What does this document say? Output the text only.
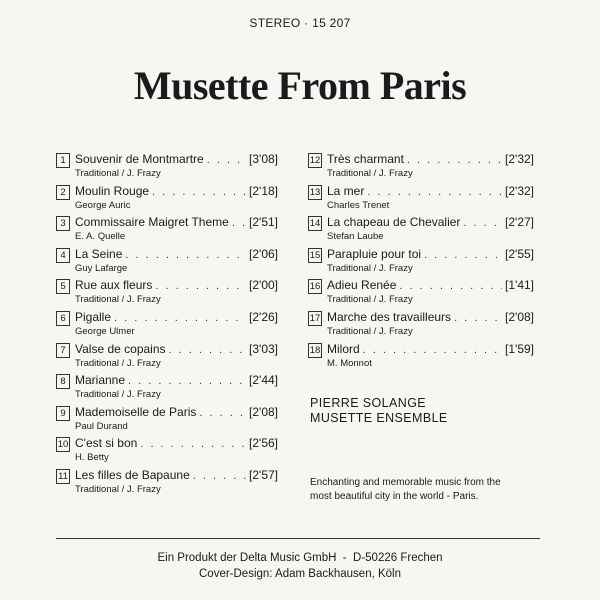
STEREO · 15 207
Musette From Paris
1 Souvenir de Montmartre . . .	[3'08]
Traditional / J. Frazy
2 Moulin Rouge . . .	[2'18]
George Auric
3 Commissaire Maigret Theme . . . [2'51]
E. A. Quelle
4 La Seine . . .	[2'06]
Guy Lafarge
5 Rue aux fleurs . . .	[2'00]
Traditional / J. Frazy
6 Pigalle . . .	[2'26]
George Ulmer
7 Valse de copains . . .	[3'03]
Traditional / J. Frazy
8 Marianne . . .	[2'44]
Traditional / J. Frazy
9 Mademoiselle de Paris . . .	[2'08]
Paul Durand
10 C'est si bon . . .	[2'56]
H. Betty
11 Les filles de Bapaune . . .	[2'57]
Traditional / J. Frazy
12 Très charmant . . .	[2'32]
Traditional / J. Frazy
13 La mer . . .	[2'32]
Charles Trenet
14 La chapeau de Chevalier . . .	[2'27]
Stefan Laube
15 Parapluie pour toi . . .	[2'55]
Traditional / J. Frazy
16 Adieu Renée . . .	[1'41]
Traditional / J. Frazy
17 Marche des travailleurs . . .	[2'08]
Traditional / J. Frazy
18 Milord . . .	[1'59]
M. Monnot
PIERRE SOLANGE
MUSETTE ENSEMBLE
Enchanting and memorable music from the
most beautiful city in the world - Paris.
Ein Produkt der Delta Music GmbH  -  D-50226 Frechen
Cover-Design: Adam Backhausen, Köln
